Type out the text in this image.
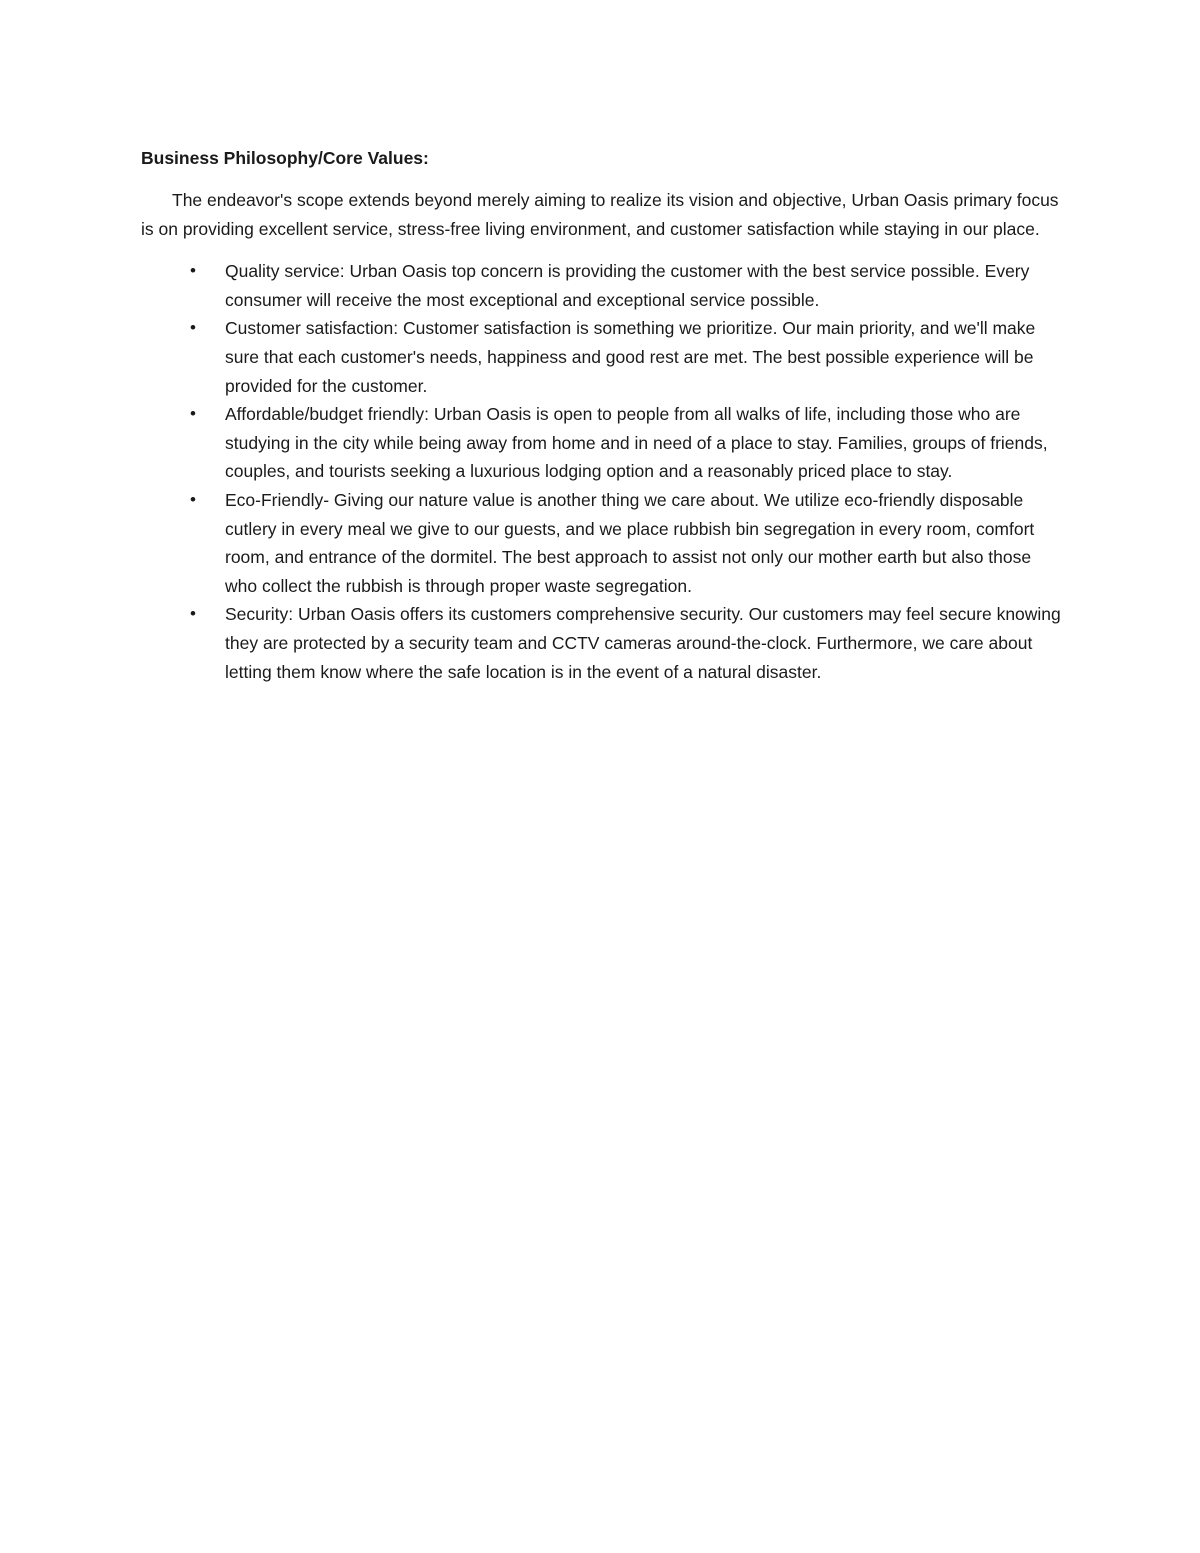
Business Philosophy/Core Values:

The endeavor's scope extends beyond merely aiming to realize its vision and objective, Urban Oasis primary focus is on providing excellent service, stress-free living environment, and customer satisfaction while staying in our place.

• Quality service: Urban Oasis top concern is providing the customer with the best service possible. Every consumer will receive the most exceptional and exceptional service possible.
• Customer satisfaction: Customer satisfaction is something we prioritize. Our main priority, and we'll make sure that each customer's needs, happiness and good rest are met. The best possible experience will be provided for the customer.
• Affordable/budget friendly: Urban Oasis is open to people from all walks of life, including those who are studying in the city while being away from home and in need of a place to stay. Families, groups of friends, couples, and tourists seeking a luxurious lodging option and a reasonably priced place to stay.
• Eco-Friendly- Giving our nature value is another thing we care about. We utilize eco-friendly disposable cutlery in every meal we give to our guests, and we place rubbish bin segregation in every room, comfort room, and entrance of the dormitel. The best approach to assist not only our mother earth but also those who collect the rubbish is through proper waste segregation.
• Security: Urban Oasis offers its customers comprehensive security. Our customers may feel secure knowing they are protected by a security team and CCTV cameras around-the-clock. Furthermore, we care about letting them know where the safe location is in the event of a natural disaster.
